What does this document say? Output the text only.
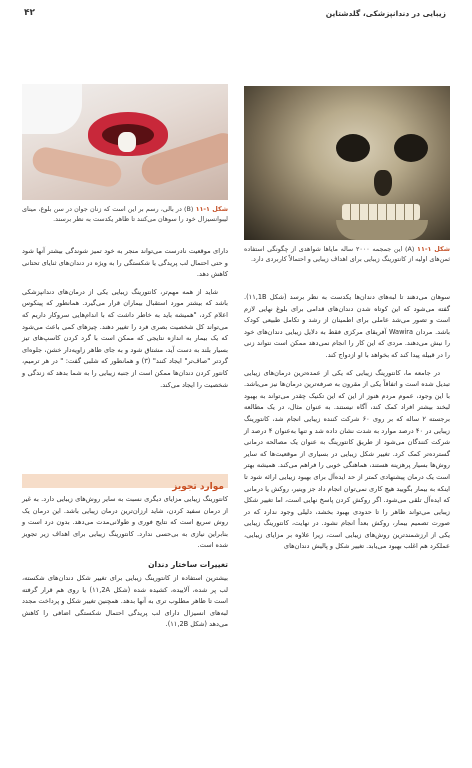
۴۲	زیبایی در دندانپزشکی، گلدشتاین
شکل ۱-۱۱ (A) این جمجمه ۲۰۰۰ ساله مایاها شواهدی از چگونگی استفاده ثمن‌های اولیه از کانتورینگ زیبایی برای اهداف زیبایی و احتمالاً کاربردی دارد.
شکل ۱-۱۱ (B) در بالی، رسم بر این است که زنان جوان در سن بلوغ، مینای لیبوانسیزال خود را سوهان می‌کنند تا ظاهر یکدست به نظر برسند.

سوهان می‌دهند تا لبه‌های دندان‌ها یکدست به نظر برسد (شکل ۱۱,1B). گفته می‌شود که این کوتاه شدن دندان‌های قدامی برای بلوغ نهایی لازم است و تصور می‌شد عاملی برای اطمینان از رشد و تکامل طبیعی کودک باشد. مردان Wawira آفریقای مرکزی فقط به دلایل زیبایی دندان‌های خود را نیش می‌دهند. مردی که این کار را انجام نمی‌دهد ممکن است نتواند زنی را در قبیله پیدا کند که بخواهد با او ازدواج کند.

در جامعه ما، کانتورینگ زیبایی که یکی از عمده‌ترین درمان‌های زیبایی تبدیل شده است و اتفاقاً یکی از مقرون به صرفه‌ترین درمان‌ها نیز می‌باشد. با این وجود، عموم مردم هنوز از این که این تکنیک چقدر می‌تواند به بهبود لبخند بیشتر افراد کمک کند، آگاه نیستند. به عنوان مثال، در یک مطالعه برجسته ۲ ساله که بر روی ۶۰ شرکت کننده زیبایی انجام شد، کانتورینگ زیبایی در ۴۰ درصد موارد به شدت نشان داده شد و تنها به‌عنوان ۴ درصد از شرکت کنندگان می‌شود از طریق کانتورینگ به عنوان یک مصالحه درمانی گسترده‌تر کمک کرد. تغییر شکل زیبایی در بسیاری از موقعیت‌ها که سایر روش‌ها بسیار پرهزینه هستند، هماهنگی خوبی را فراهم می‌کند. همیشه بهتر است یک درمان پیشنهادی کمتر از حد ایده‌آل برای بهبود زیبایی ارائه شود تا اینکه به بیمار بگویید هیچ کاری نمی‌توان انجام داد جز وینیر، روکش یا درمانی که ایده‌آل تلقی می‌شود. اگر روکش کردن پاسخ نهایی است، اما تغییر شکل زیبایی می‌تواند ظاهر را تا حدودی بهبود بخشد، دلیلی وجود ندارد که در صورت تصمیم بیمار، روکش بعداً انجام نشود. در نهایت، کانتورینگ زیبایی یکی از ارزشمندترین روش‌های زیبایی است، زیرا علاوه بر مزایای زیبایی، عملکرد هم اغلب بهبود می‌یابد. تغییر شکل و پالیش دندان‌های

دارای موقعیت نادرست می‌تواند منجر به خود تمیز شوندگی بیشتر آنها شود و حتی احتمال لب پریدگی یا شکستگی را به ویژه در دندان‌های ثنایای تحتانی کاهش دهد.

شاید از همه مهم‌تر، کانتورینگ زیبایی یکی از درمان‌های دندانپزشکی باشد که بیشتر مورد استقبال بیماران قرار می‌گیرد. همانطور که پینکوس اعلام کرد، "همیشه باید به خاطر داشت که با اندام‌هایی سروکار داریم که می‌تواند کل شخصیت بصری فرد را تغییر دهند. چیزهای کمی باعث می‌شود که یک بیمار به اندازه نتایجی که ممکن است با گرد کردن کاسپ‌های تیز بسیار بلند به دست آید، مشتاق شود و به جای ظاهر زاویه‌دار خشن، جلوه‌ای گردتر "صاف‌تر" ایجاد کنند" (۳) و همانطور که شلبی گفت: " در هر ترمیم، کانتور کردن دندان‌ها ممکن است از جنبه زیبایی را به شما بدهد که زندگی و شخصیت را ایجاد می‌کند.

موارد تجویز

کانتورینگ زیبایی مزایای دیگری نسبت به سایر روش‌های زیبایی دارد. به غیر از درمان سفید کردن، شاید ارزان‌ترین درمان زیبایی باشد. این درمان یک روش سریع است که نتایج فوری و طولانی‌مدت می‌دهد. بدون درد است و بنابراین نیازی به بی‌حسی ندارد. کانتورینگ زیبایی برای اهداف زیر تجویز شده است.

تغییرات ساختار دندان

بیشترین استفاده از کانتورینگ زیبایی برای تغییر شکل دندان‌های شکسته، لب پر شده، آلاییده، کشیده شده (شکل ۱۱,2A) یا روی هم قرار گرفته است تا ظاهر مطلوب تری به آنها بدهد. همچنین تغییر شکل و پرداخت مجدد لبه‌های انسیزال دارای لب پریدگی احتمال شکستگی اضافی را کاهش می‌دهد (شکل ۱۱,2B).
